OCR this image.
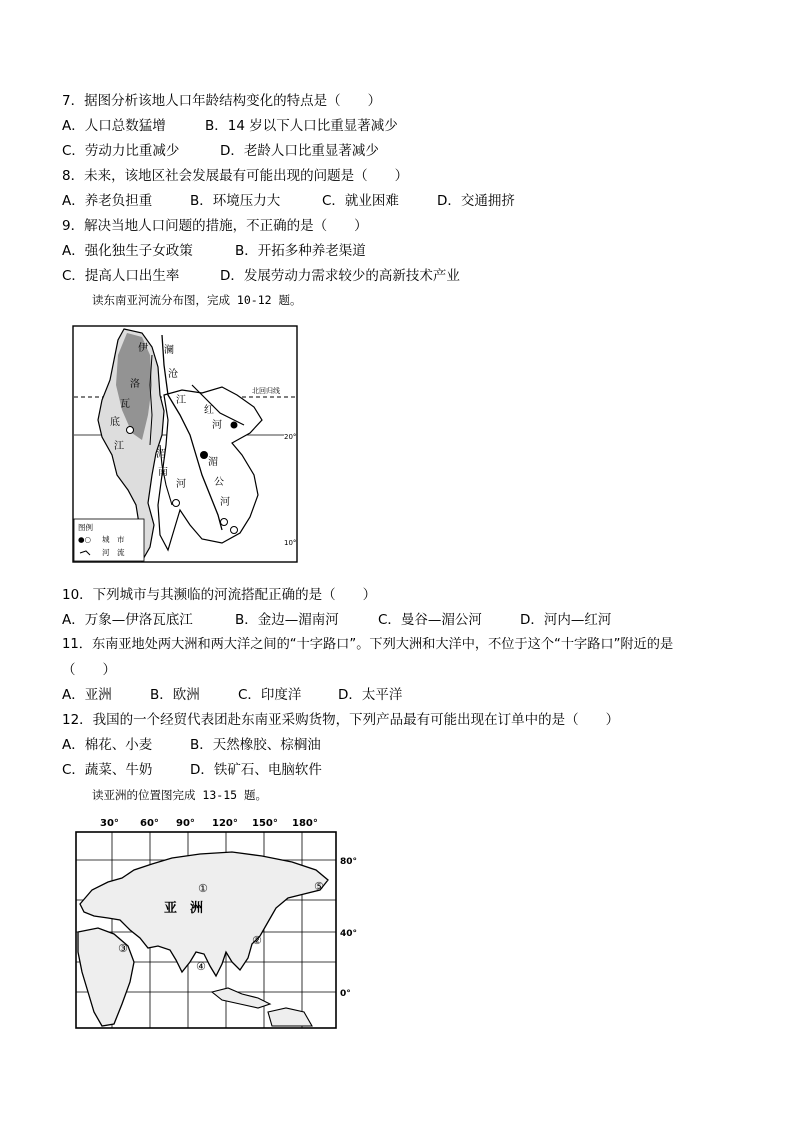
7．据图分析该地人口年龄结构变化的特点是（　　）
A．人口总数猛增	B．14 岁以下人口比重显著减少
C．劳动力比重减少	D．老龄人口比重显著减少
8．未来，该地区社会发展最有可能出现的问题是（　　）
A．养老负担重	B．环境压力大	C．就业困难	D．交通拥挤
9．解决当地人口问题的措施，不正确的是（　　）
A．强化独生子女政策	B．开拓多种养老渠道
C．提高人口出生率	D．发展劳动力需求较少的高新技术产业
读东南亚河流分布图，完成 10-12 题。
伊
洛
瓦
底
江
澜
沧
江
红
河
湄
南
河
湄
公
河
北回归线
20°
10°
图例
●○ 城　市
河　流
10．下列城市与其濒临的河流搭配正确的是（　　）
A．万象—伊洛瓦底江	B．金边—湄南河	C．曼谷—湄公河	D．河内—红河
11．东南亚地处两大洲和两大洋之间的“十字路口”。下列大洲和大洋中，不位于这个“十字路口”附近的是
（　　）
A．亚洲	B．欧洲	C．印度洋	D．太平洋
12．我国的一个经贸代表团赴东南亚采购货物，下列产品最有可能出现在订单中的是（　　）
A．棉花、小麦	B．天然橡胶、棕榈油
C．蔬菜、牛奶	D．铁矿石、电脑软件
读亚洲的位置图完成 13-15 题。
30° 60° 90° 120° 150° 180°
亚　洲
①
②
③
④
⑤
80°
40°
0°
